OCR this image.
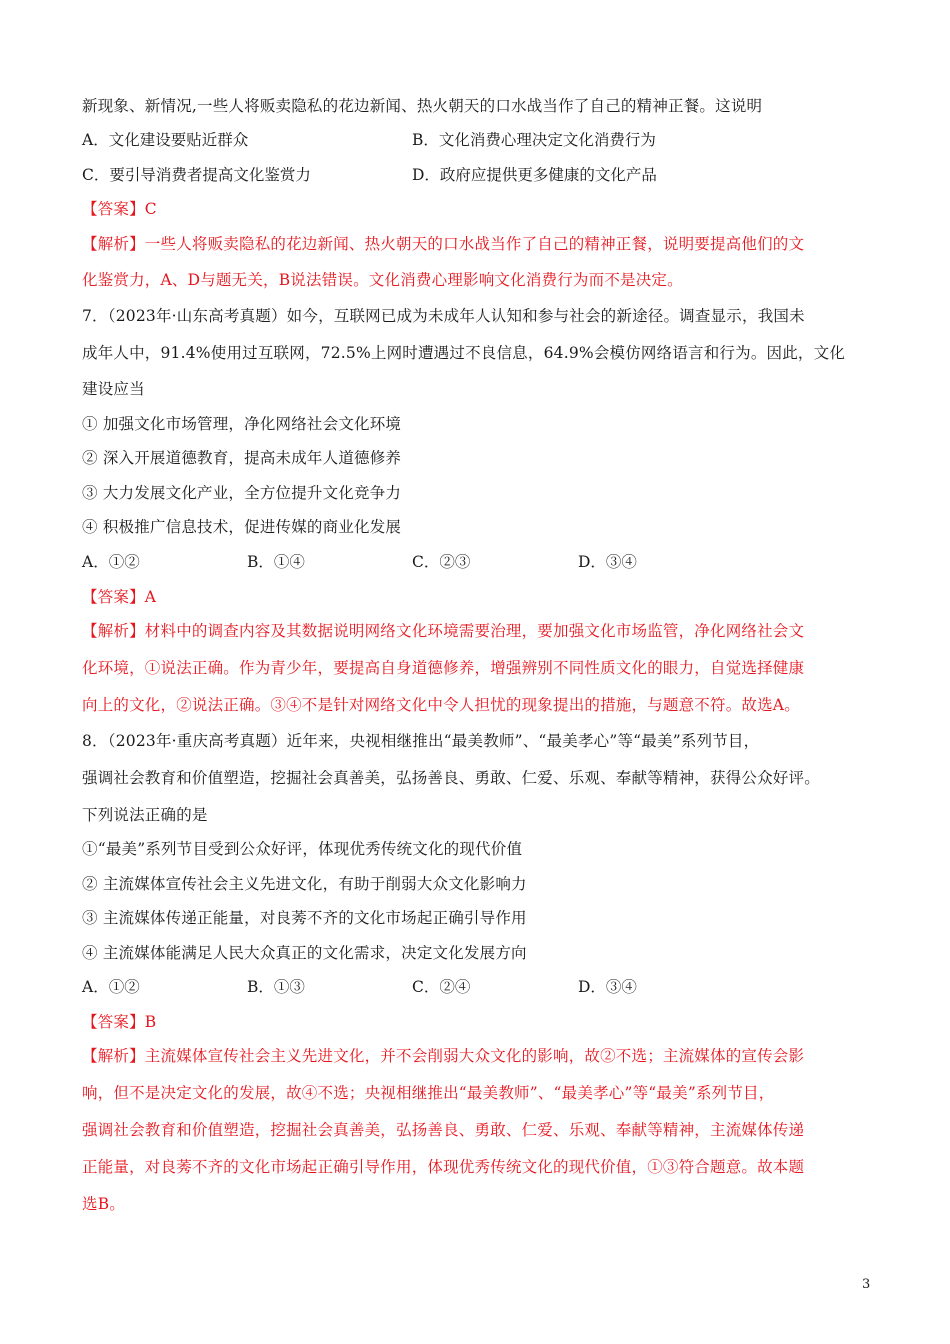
新现象、新情况,一些人将贩卖隐私的花边新闻、热火朝天的口水战当作了自己的精神正餐。这说明
A．文化建设要贴近群众	B．文化消费心理决定文化消费行为
C．要引导消费者提高文化鉴赏力	D．政府应提供更多健康的文化产品
【答案】C
【解析】一些人将贩卖隐私的花边新闻、热火朝天的口水战当作了自己的精神正餐，说明要提高他们的文
化鉴赏力，A、D与题无关，B说法错误。文化消费心理影响文化消费行为而不是决定。
7．（2023年·山东高考真题）如今，互联网已成为未成年人认知和参与社会的新途径。调查显示，我国未
成年人中，91.4%使用过互联网，72.5%上网时遭遇过不良信息，64.9%会模仿网络语言和行为。因此，文化
建设应当
① 加强文化市场管理，净化网络社会文化环境
② 深入开展道德教育，提高未成年人道德修养
③ 大力发展文化产业，全方位提升文化竞争力
④ 积极推广信息技术，促进传媒的商业化发展
A．①②	B．①④	C．②③	D．③④
【答案】A
【解析】材料中的调查内容及其数据说明网络文化环境需要治理，要加强文化市场监管，净化网络社会文
化环境，①说法正确。作为青少年，要提高自身道德修养，增强辨别不同性质文化的眼力，自觉选择健康
向上的文化，②说法正确。③④不是针对网络文化中令人担忧的现象提出的措施，与题意不符。故选A。
8．（2023年·重庆高考真题）近年来，央视相继推出“最美教师”、“最美孝心”等“最美”系列节目，
强调社会教育和价值塑造，挖掘社会真善美，弘扬善良、勇敢、仁爱、乐观、奉献等精神，获得公众好评。
下列说法正确的是
①“最美”系列节目受到公众好评，体现优秀传统文化的现代价值
② 主流媒体宣传社会主义先进文化，有助于削弱大众文化影响力
③ 主流媒体传递正能量，对良莠不齐的文化市场起正确引导作用
④ 主流媒体能满足人民大众真正的文化需求，决定文化发展方向
A．①②	B．①③	C．②④	D．③④
【答案】B
【解析】主流媒体宣传社会主义先进文化，并不会削弱大众文化的影响，故②不选；主流媒体的宣传会影
响，但不是决定文化的发展，故④不选；央视相继推出“最美教师”、“最美孝心”等“最美”系列节目，
强调社会教育和价值塑造，挖掘社会真善美，弘扬善良、勇敢、仁爱、乐观、奉献等精神，主流媒体传递
正能量，对良莠不齐的文化市场起正确引导作用，体现优秀传统文化的现代价值，①③符合题意。故本题
选B。
3
